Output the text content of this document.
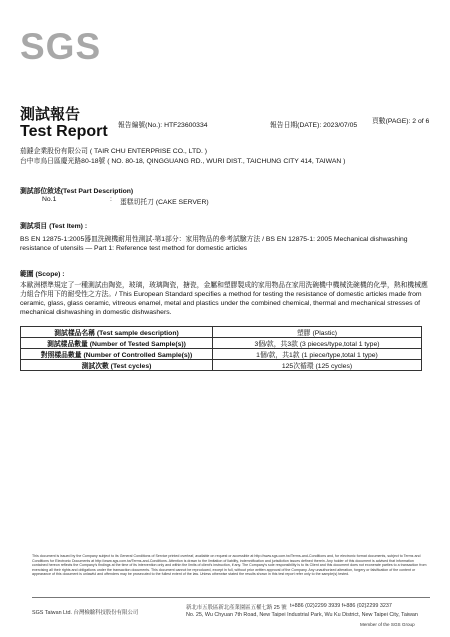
SGS
測試報告
Test Report 報告編號(No.): HTF23600334	報告日期(DATE): 2023/07/05
頁數(PAGE): 2 of 6
茄鐽企業股份有限公司 ( TAIR CHU ENTERPRISE CO., LTD. )
台中市烏日區慶光路80-18號 ( NO. 80-18, QINGGUANG RD., WURI DIST., TAICHUNG CITY 414, TAIWAN )
測試部位敘述(Test Part Description)
No.1	: 蛋糕切托刀 (CAKE SERVER)
測試項目 (Test Item) :
BS EN 12875-1:2005器皿洗碗機耐用性測試-第1部分：家用物品的參考試驗方法 / BS EN 12875-1: 2005 Mechanical dishwashing resistance of utensils — Part 1: Reference test method for domestic articles
範圍 (Scope) :
本歐洲標準規定了一種測試由陶瓷，玻璃，玻璃陶瓷，搪瓷，金屬和塑膠製成的家用物品在家用洗碗機中機械洗碗機的化學，熱和機械應力組合作用下的耐受性之方法。/ This European Standard specifies a method for testing the resistance of domestic articles made from ceramic, glass, glass ceramic, vitreous enamel, metal and plastics under the combined chemical, thermal and mechanical stresses of mechanical dishwashing in domestic dishwashers.
測試樣品名稱 (Test sample description)	塑膠 (Plastic)
測試樣品數量 (Number of Tested Sample(s))	3個/款，共3款 (3 pieces/type,total 1 type)
對照樣品數量 (Number of Controlled Sample(s))	1個/款，共1款 (1 piece/type,total 1 type)
測試次數 (Test cycles)	125次循環 (125 cycles)
This document is issued by the Company subject to its General Conditions of Service printed overleaf, available on request or accessible at http://www.sgs.com.tw/Terms-and-Conditions and, for electronic format documents, subject to Terms and Conditions for Electronic Documents at http://www.sgs.com.tw/Terms-and-Conditions. Attention is drawn to the limitation of liability, indemnification and jurisdiction issues defined therein. Any holder of this document is advised that information contained hereon reflects the Company's findings at the time of its intervention only and within the limits of client's instruction, if any. The Company's sole responsibility is to its Client and this document does not exonerate parties to a transaction from exercising all their rights and obligations under the transaction documents. This document cannot be reproduced, except in full, without prior written approval of the Company. Any unauthorized alteration, forgery or falsification of the content or appearance of this document is unlawful and offenders may be prosecuted to the fullest extent of the law. Unless otherwise stated the results shown in this test report refer only to the sample(s) tested.
SGS Taiwan Ltd. 台灣檢驗科技股份有限公司
新北市五股區新北產業園區五權七路 25 號 t+886 (02)2299 3939 f+886 (02)2299 3237
No. 25, Wu Chyuan 7th Road, New Taipei Industrial Park, Wu Ku District, New Taipei City, Taiwan
Member of the SGS Group
